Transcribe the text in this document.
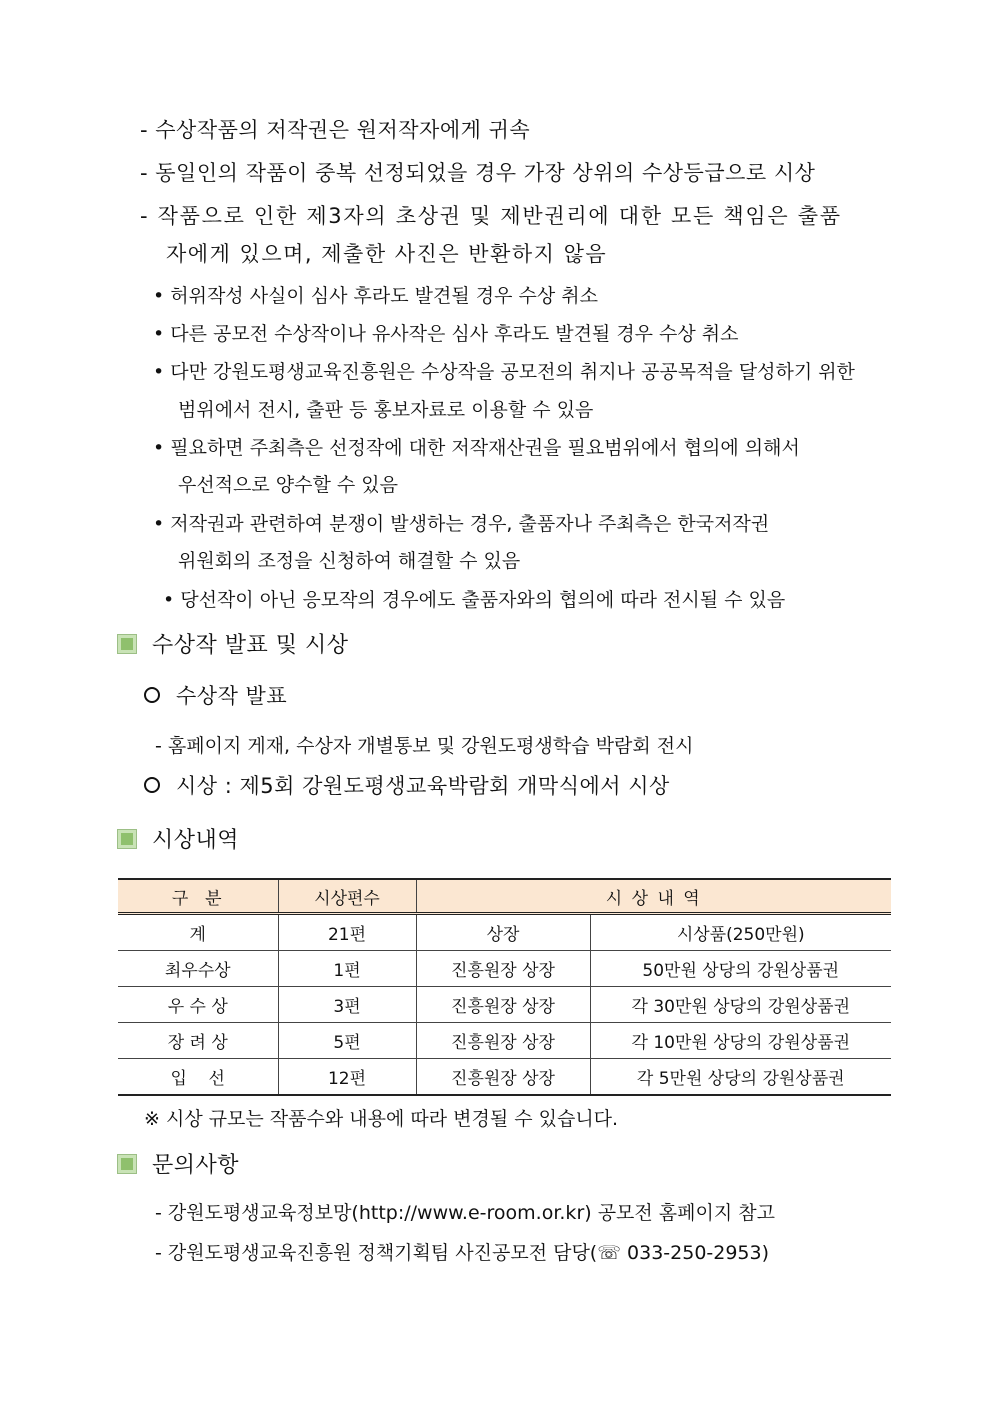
- 수상작품의 저작권은 원저작자에게 귀속
- 동일인의 작품이 중복 선정되었을 경우 가장 상위의 수상등급으로 시상
- 작품으로 인한 제3자의 초상권 및 제반권리에 대한 모든 책임은 출품
자에게 있으며, 제출한 사진은 반환하지 않음
• 허위작성 사실이 심사 후라도 발견될 경우 수상 취소
• 다른 공모전 수상작이나 유사작은 심사 후라도 발견될 경우 수상 취소
• 다만 강원도평생교육진흥원은 수상작을 공모전의 취지나 공공목적을 달성하기 위한
범위에서 전시, 출판 등 홍보자료로 이용할 수 있음
• 필요하면 주최측은 선정작에 대한 저작재산권을 필요범위에서 협의에 의해서
우선적으로 양수할 수 있음
• 저작권과 관련하여 분쟁이 발생하는 경우, 출품자나 주최측은 한국저작권
위원회의 조정을 신청하여 해결할 수 있음
• 당선작이 아닌 응모작의 경우에도 출품자와의 협의에 따라 전시될 수 있음
수상작 발표 및 시상
수상작 발표
- 홈페이지 게재, 수상자 개별통보 및 강원도평생학습 박람회 전시
시상 : 제5회 강원도평생교육박람회 개막식에서 시상
시상내역
구  분	시상편수	시 상 내 역	
계	21편	상장	시상품(250만원)
최우수상	1편	진흥원장 상장	50만원 상당의 강원상품권
우 수 상	3편	진흥원장 상장	각 30만원 상당의 강원상품권
장 려 상	5편	진흥원장 상장	각 10만원 상당의 강원상품권
입    선	12편	진흥원장 상장	각 5만원 상당의 강원상품권
※ 시상 규모는 작품수와 내용에 따라 변경될 수 있습니다.
문의사항
- 강원도평생교육정보망(http://www.e-room.or.kr) 공모전 홈페이지 참고
- 강원도평생교육진흥원 정책기획팀 사진공모전 담당(☏ 033-250-2953)
